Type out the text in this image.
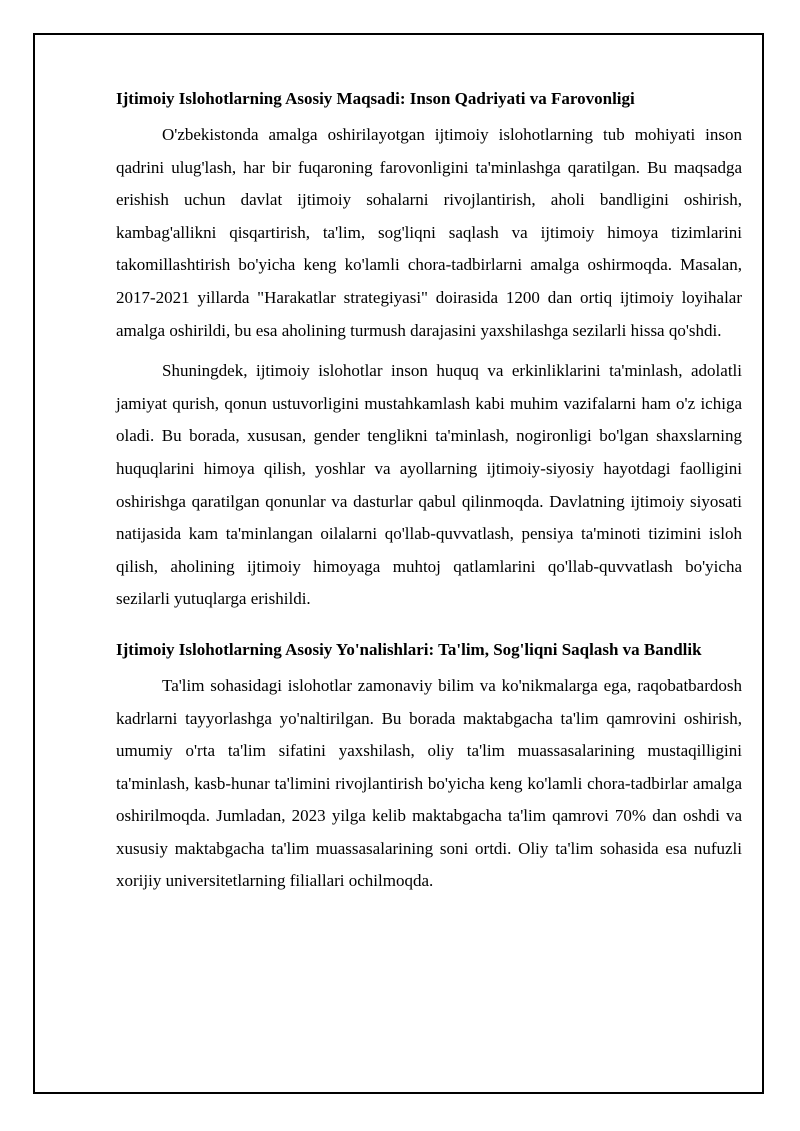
Ijtimoiy Islohotlarning Asosiy Maqsadi: Inson Qadriyati va Farovonligi

O'zbekistonda amalga oshirilayotgan ijtimoiy islohotlarning tub mohiyati inson qadrini ulug'lash, har bir fuqaroning farovonligini ta'minlashga qaratilgan. Bu maqsadga erishish uchun davlat ijtimoiy sohalarni rivojlantirish, aholi bandligini oshirish, kambag'allikni qisqartirish, ta'lim, sog'liqni saqlash va ijtimoiy himoya tizimlarini takomillashtirish bo'yicha keng ko'lamli chora-tadbirlarni amalga oshirmoqda. Masalan, 2017-2021 yillarda "Harakatlar strategiyasi" doirasida 1200 dan ortiq ijtimoiy loyihalar amalga oshirildi, bu esa aholining turmush darajasini yaxshilashga sezilarli hissa qo'shdi.

Shuningdek, ijtimoiy islohotlar inson huquq va erkinliklarini ta'minlash, adolatli jamiyat qurish, qonun ustuvorligini mustahkamlash kabi muhim vazifalarni ham o'z ichiga oladi. Bu borada, xususan, gender tenglikni ta'minlash, nogironligi bo'lgan shaxslarning huquqlarini himoya qilish, yoshlar va ayollarning ijtimoiy-siyosiy hayotdagi faolligini oshirishga qaratilgan qonunlar va dasturlar qabul qilinmoqda. Davlatning ijtimoiy siyosati natijasida kam ta'minlangan oilalarni qo'llab-quvvatlash, pensiya ta'minoti tizimini isloh qilish, aholining ijtimoiy himoyaga muhtoj qatlamlarini qo'llab-quvvatlash bo'yicha sezilarli yutuqlarga erishildi.

Ijtimoiy Islohotlarning Asosiy Yo'nalishlari: Ta'lim, Sog'liqni Saqlash va Bandlik

Ta'lim sohasidagi islohotlar zamonaviy bilim va ko'nikmalarga ega, raqobatbardosh kadrlarni tayyorlashga yo'naltirilgan. Bu borada maktabgacha ta'lim qamrovini oshirish, umumiy o'rta ta'lim sifatini yaxshilash, oliy ta'lim muassasalarining mustaqilligini ta'minlash, kasb-hunar ta'limini rivojlantirish bo'yicha keng ko'lamli chora-tadbirlar amalga oshirilmoqda. Jumladan, 2023 yilga kelib maktabgacha ta'lim qamrovi 70% dan oshdi va xususiy maktabgacha ta'lim muassasalarining soni ortdi. Oliy ta'lim sohasida esa nufuzli xorijiy universitetlarning filiallari ochilmoqda.
